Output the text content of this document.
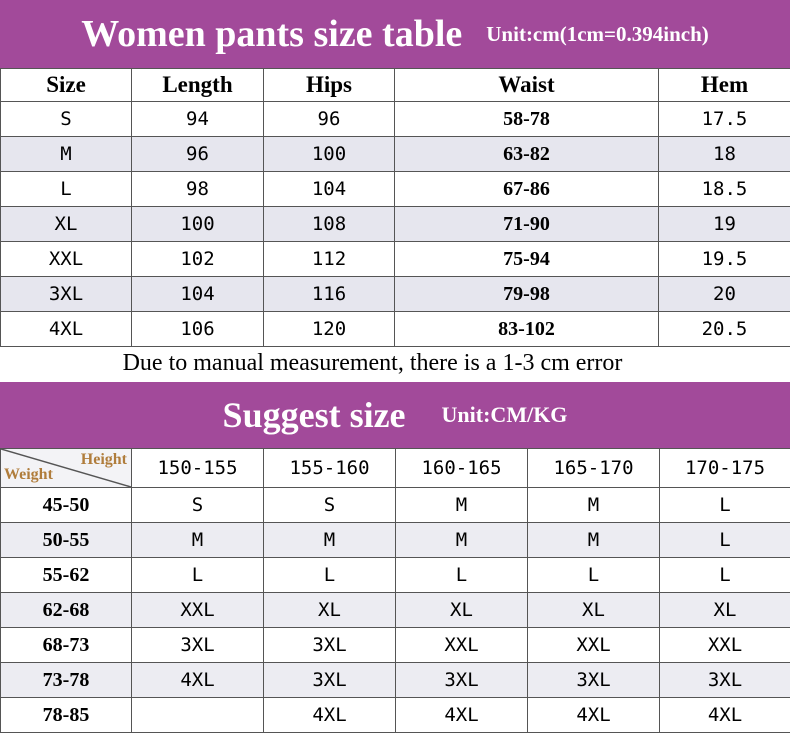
Women pants size table Unit:cm(1cm=0.394inch)
Size	Length	Hips	Waist	Hem
S	94	96	58-78	17.5
M	96	100	63-82	18
L	98	104	67-86	18.5
XL	100	108	71-90	19
XXL	102	112	75-94	19.5
3XL	104	116	79-98	20
4XL	106	120	83-102	20.5
Due to manual measurement, there is a 1-3 cm error
Suggest size Unit:CM/KG
Height
Weight	150-155	155-160	160-165	165-170	170-175
45-50	S	S	M	M	L
50-55	M	M	M	M	L
55-62	L	L	L	L	L
62-68	XXL	XL	XL	XL	XL
68-73	3XL	3XL	XXL	XXL	XXL
73-78	4XL	3XL	3XL	3XL	3XL
78-85		4XL	4XL	4XL	4XL
